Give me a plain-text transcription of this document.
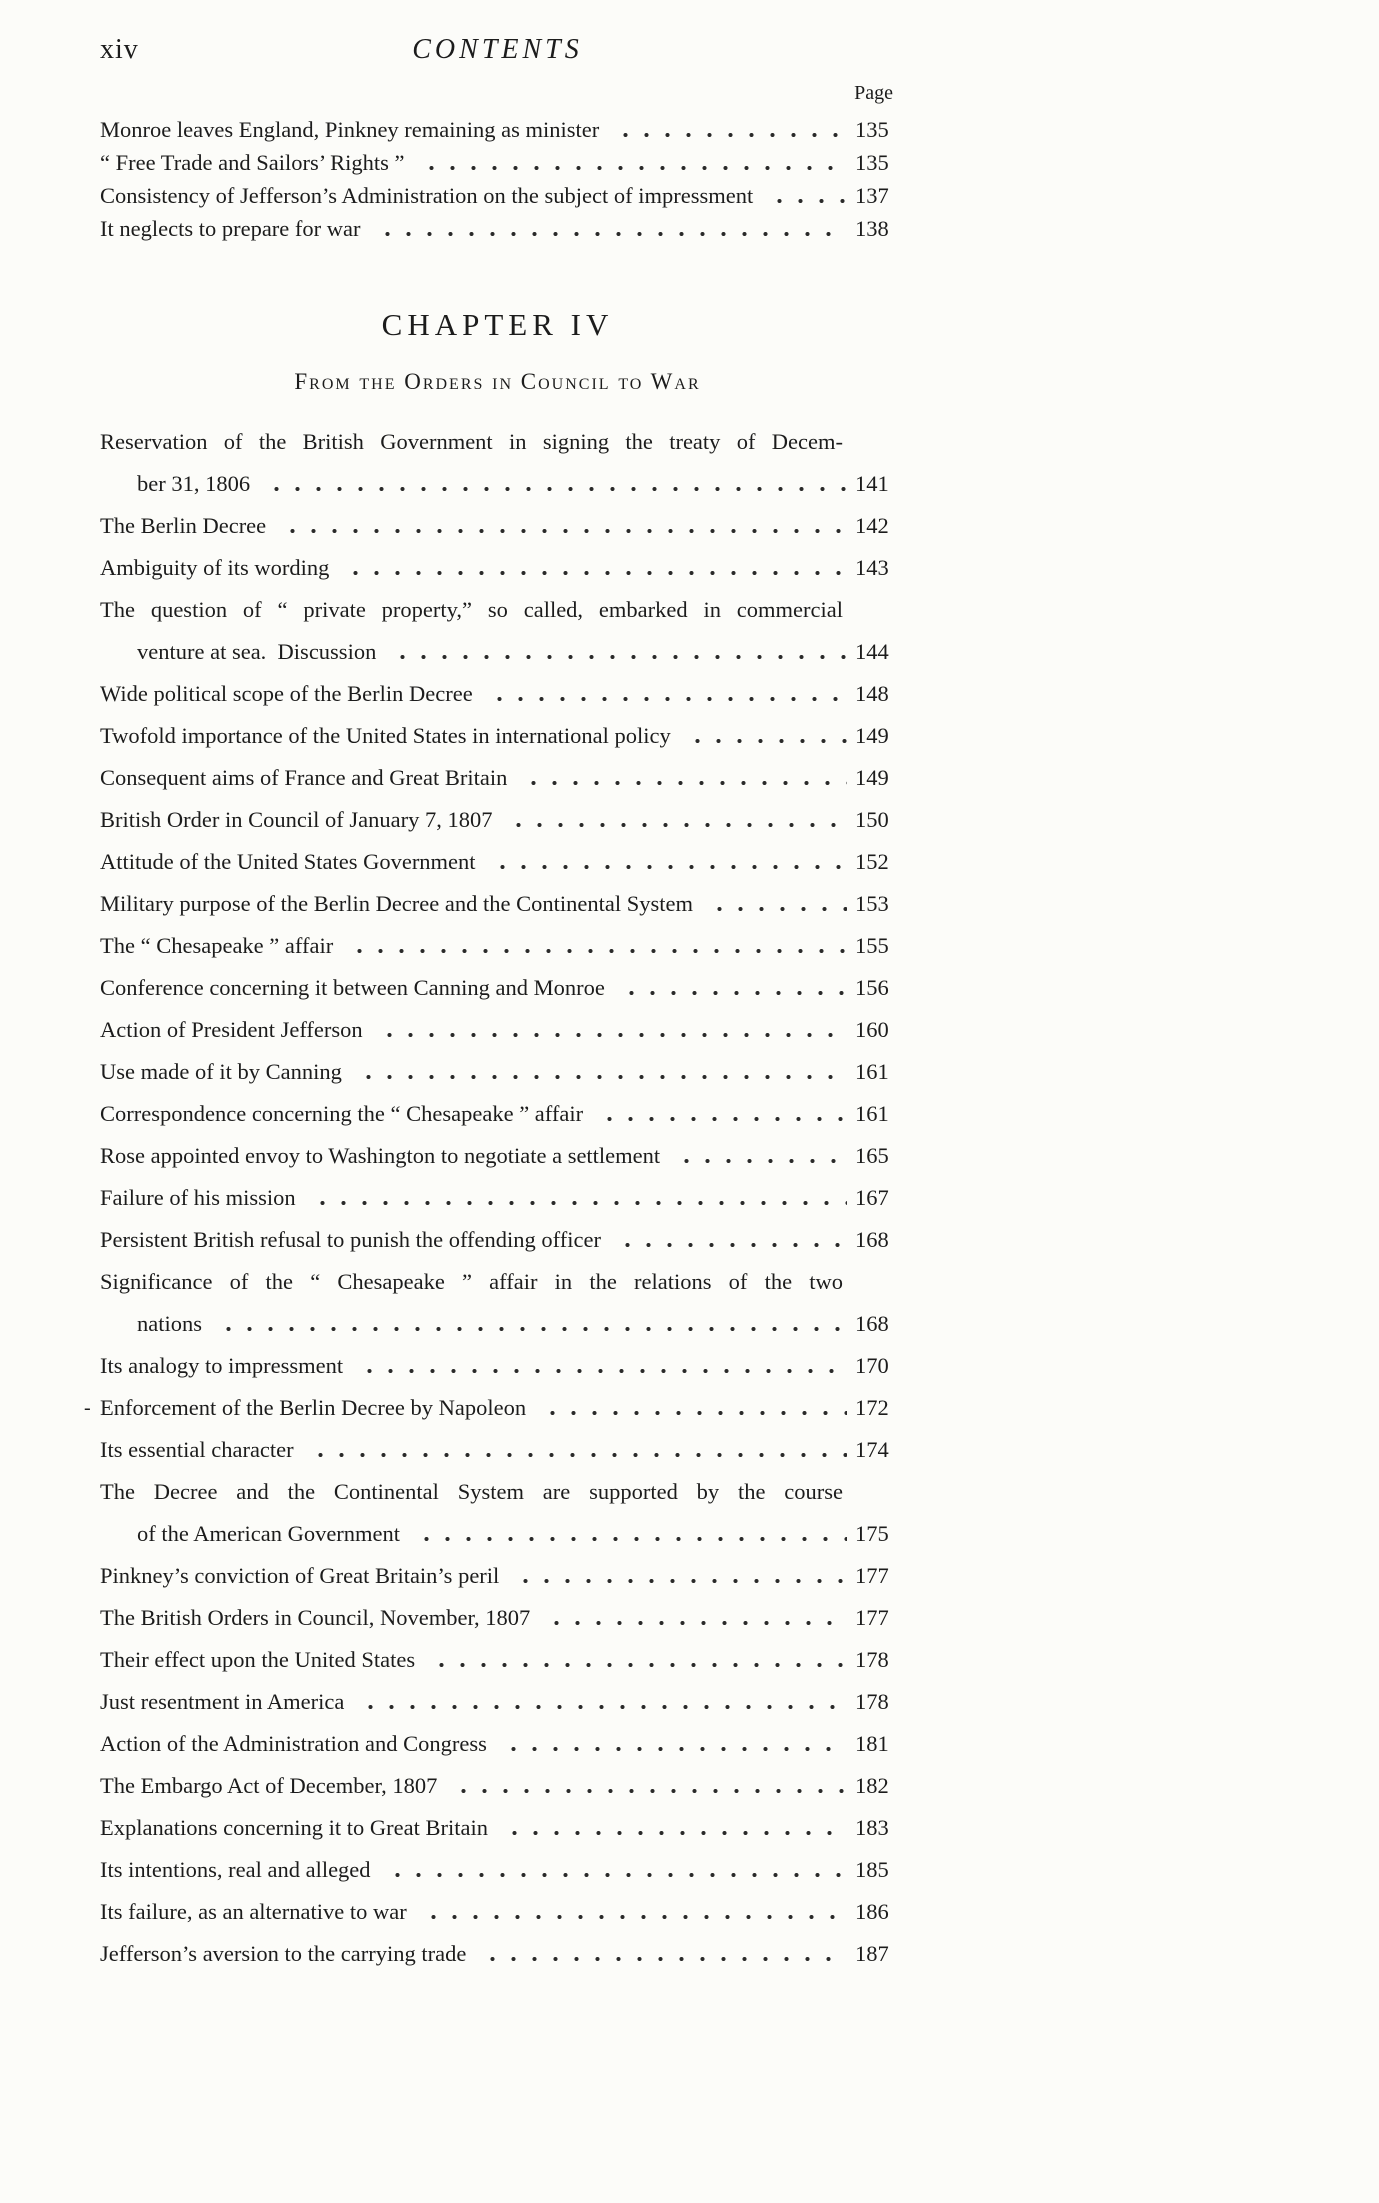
xiv	CONTENTS
Page
Monroe leaves England, Pinkney remaining as minister	135
“ Free Trade and Sailors’ Rights ”	135
Consistency of Jefferson’s Administration on the subject of impressment	137
It neglects to prepare for war	138
CHAPTER IV
From the Orders in Council to War
Reservation of the British Government in signing the treaty of Decem-
ber 31, 1806	141
The Berlin Decree	142
Ambiguity of its wording	143
The question of “ private property,” so called, embarked in commercial
venture at sea. Discussion	144
Wide political scope of the Berlin Decree	148
Twofold importance of the United States in international policy	149
Consequent aims of France and Great Britain	149
British Order in Council of January 7, 1807	150
Attitude of the United States Government	152
Military purpose of the Berlin Decree and the Continental System	153
The “ Chesapeake ” affair	155
Conference concerning it between Canning and Monroe	156
Action of President Jefferson	160
Use made of it by Canning	161
Correspondence concerning the “ Chesapeake ” affair	161
Rose appointed envoy to Washington to negotiate a settlement	165
Failure of his mission	167
Persistent British refusal to punish the offending officer	168
Significance of the “ Chesapeake ” affair in the relations of the two
nations	168
Its analogy to impressment	170
Enforcement of the Berlin Decree by Napoleon	172
-
Its essential character	174
The Decree and the Continental System are supported by the course
of the American Government	175
Pinkney’s conviction of Great Britain’s peril	177
The British Orders in Council, November, 1807	177
Their effect upon the United States	178
Just resentment in America	178
Action of the Administration and Congress	181
The Embargo Act of December, 1807	182
Explanations concerning it to Great Britain	183
Its intentions, real and alleged	185
Its failure, as an alternative to war	186
Jefferson’s aversion to the carrying trade	187
